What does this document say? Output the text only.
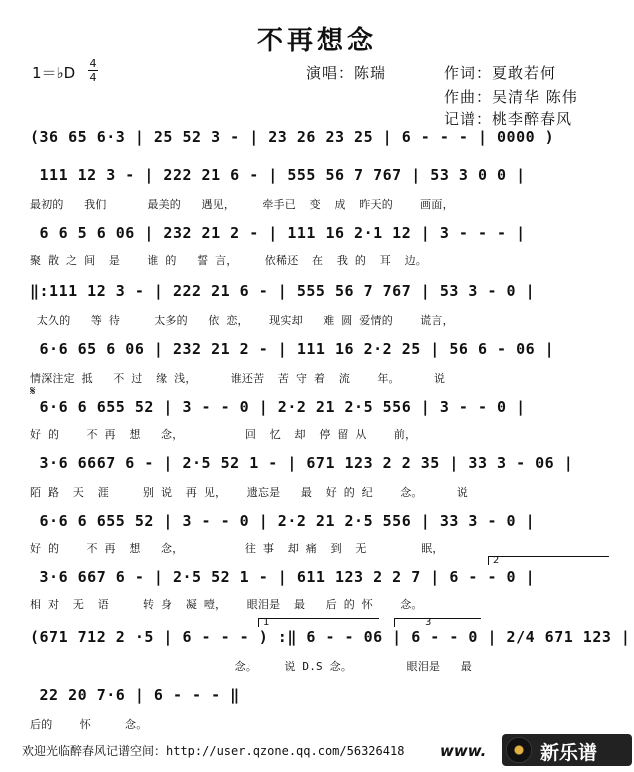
不再想念
1＝♭D
4
4	演唱：陈瑞	作词：夏敢若何
作曲：吴清华 陈伟
记谱：桃李醉春风
(36 65 6·3 | 25 52 3 - | 23 26 23 25 | 6 - - - | 0000 )
111 12 3 - | 222 21 6 - | 555 56 7 767 | 53 3 0 0 |
最初的   我们      最美的   遇见，    牵手已  变  成  昨天的    画面，
6 6 5 6 06 | 232 21 2 - | 111 16 2·1 12 | 3 - - - |
聚 散 之 间  是    谁 的   誓 言，    依稀还  在  我 的  耳  边。
‖:111 12 3 - | 222 21 6 - | 555 56 7 767 | 53 3 - 0 |
太久的   等 待     太多的   依 恋，   现实却   难 圆 爱情的    谎言，
6·6 65 6 06 | 232 21 2 - | 111 16 2·2 25 | 56 6 - 06 |
情深注定 抵   不 过  缘 浅，     谁还苦  苦 守 着  流    年。     说
𝄋
6·6 6 655 52 | 3 - - 0 | 2·2 21 2·5 556 | 3 - - 0 |
好 的    不 再  想   念，         回  忆  却  停 留 从    前，
3·6 6667 6 - | 2·5 52 1 - | 671 123 2 2 35 | 33 3 - 06 |
陌 路  天  涯     别 说  再 见，   遗忘是   最  好 的 纪    念。     说
6·6 6 655 52 | 3 - - 0 | 2·2 21 2·5 556 | 33 3 - 0 |
好 的    不 再  想   念，         往 事  却 痛  到  无        眠，
3·6 667 6 - | 2·5 52 1 - | 611 123 2 2 7 | 6 - - 0 |
相 对  无  语     转 身  凝 噎，   眼泪是  最   后 的 怀    念。
1	3
2
(671 712 2 ·5 | 6 - - - ) :‖ 6 - - 06 | 6 - - 0 | 2/4 671 123 |
念。    说 D.S 念。        眼泪是   最
22 20 7·6 | 6 - - - ‖
后的    怀     念。
欢迎光临醉春风记谱空间：http://user.qzone.qq.com/56326418 www.	新乐谱
